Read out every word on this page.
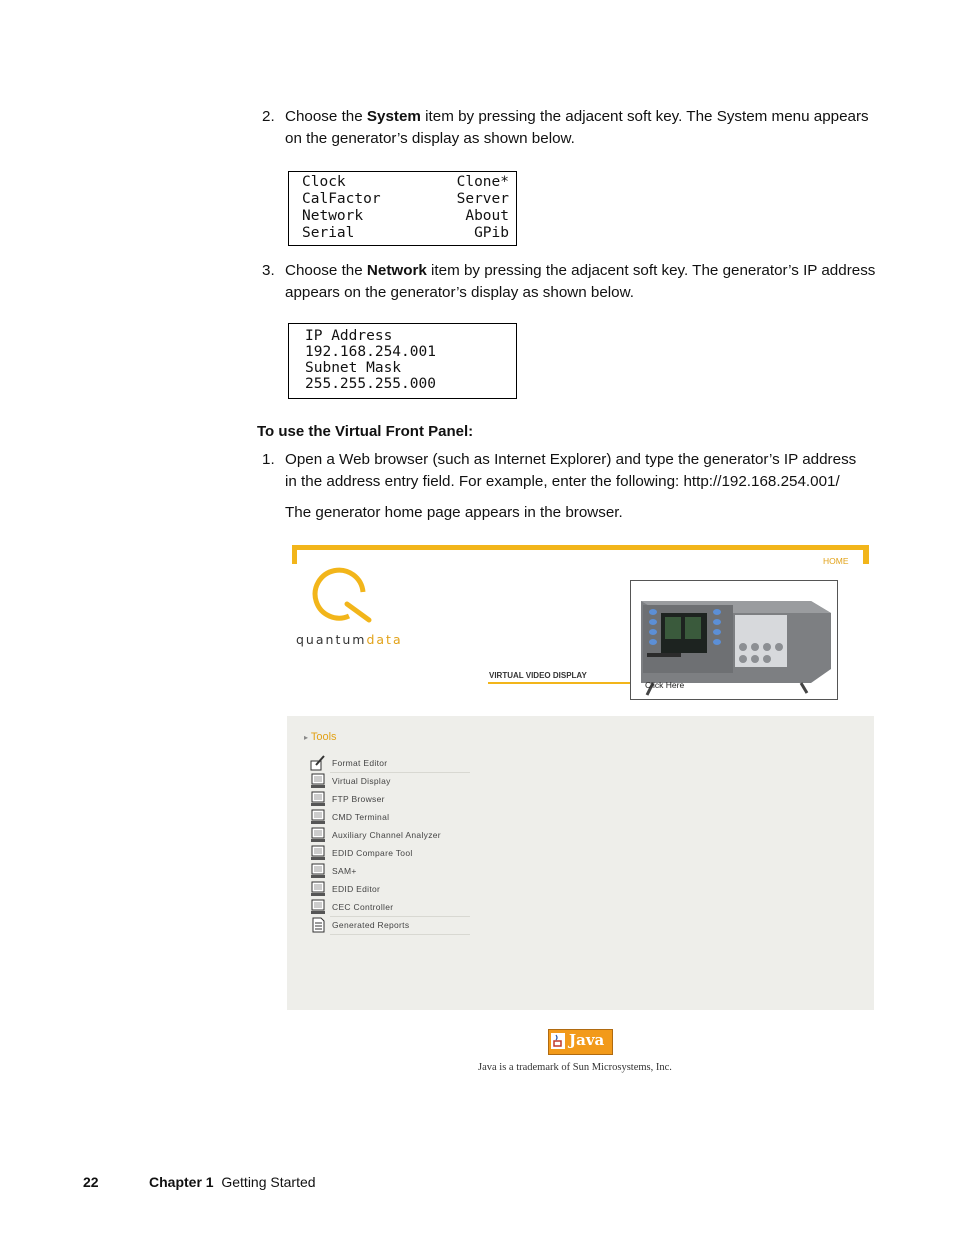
2. Choose the System item by pressing the adjacent soft key. The System menu appears
on the generator’s display as shown below.
Clock	Clone*
CalFactor	Server
Network	About
Serial	GPib
3. Choose the Network item by pressing the adjacent soft key. The generator’s IP address
appears on the generator’s display as shown below.
IP Address
192.168.254.001
Subnet Mask
255.255.255.000
To use the Virtual Front Panel:
1. Open a Web browser (such as Internet Explorer) and type the generator’s IP address
in the address entry field. For example, enter the following: http://192.168.254.001/
The generator home page appears in the browser.
HOME
quantumdata
VIRTUAL VIDEO DISPLAY
Click Here
▸ Tools
Format Editor
Virtual Display
FTP Browser
CMD Terminal
Auxiliary Channel Analyzer
EDID Compare Tool
SAM+
EDID Editor
CEC Controller
Generated Reports
Java
Java is a trademark of Sun Microsystems, Inc.
22	Chapter 1 Getting Started
